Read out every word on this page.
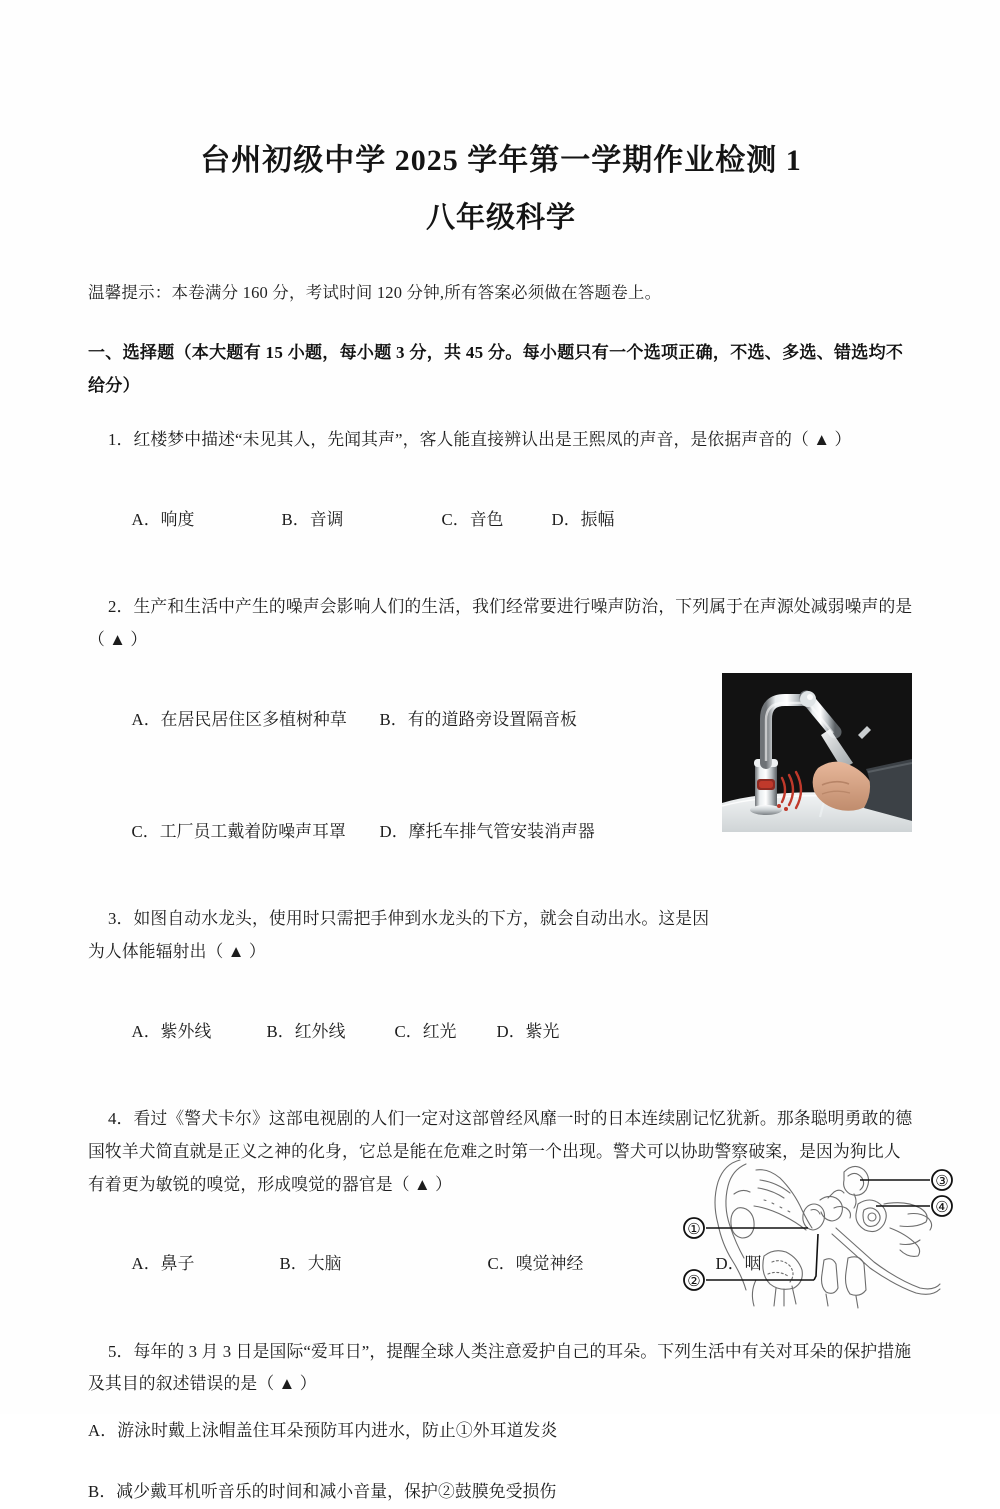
台州初级中学 2025 学年第一学期作业检测 1
八年级科学

温馨提示：本卷满分 160 分，考试时间 120 分钟,所有答案必须做在答题卷上。

一、选择题（本大题有 15 小题，每小题 3 分，共 45 分。每小题只有一个选项正确，不选、多选、错选均不给分）

1．红楼梦中描述“未见其人，先闻其声”，客人能直接辨认出是王熙凤的声音，是依据声音的（ ▲ ）

A．响度	B．音调	C．音色	D．振幅

2．生产和生活中产生的噪声会影响人们的生活，我们经常要进行噪声防治，下列属于在声源处减弱噪声的是（ ▲ ）

A．在居民居住区多植树种草 B．有的道路旁设置隔音板

C．工厂员工戴着防噪声耳罩 D．摩托车排气管安装消声器

3．如图自动水龙头，使用时只需把手伸到水龙头的下方，就会自动出水。这是因为人体能辐射出（ ▲ ）

A．紫外线	B．红外线	C．红光 D．紫光

4．看过《警犬卡尔》这部电视剧的人们一定对这部曾经风靡一时的日本连续剧记忆犹新。那条聪明勇敢的德国牧羊犬简直就是正义之神的化身，它总是能在危难之时第一个出现。警犬可以协助警察破案，是因为狗比人有着更为敏锐的嗅觉，形成嗅觉的器官是（ ▲ ）

A．鼻子	B．大脑	C．嗅觉神经	D．咽

5．每年的 3 月 3 日是国际“爱耳日”，提醒全球人类注意爱护自己的耳朵。下列生活中有关对耳朵的保护措施及其目的叙述错误的是（ ▲ ）

A．游泳时戴上泳帽盖住耳朵预防耳内进水，防止①外耳道发炎

B．减少戴耳机听音乐的时间和减小音量，保护②鼓膜免受损伤

①
②
③
④
